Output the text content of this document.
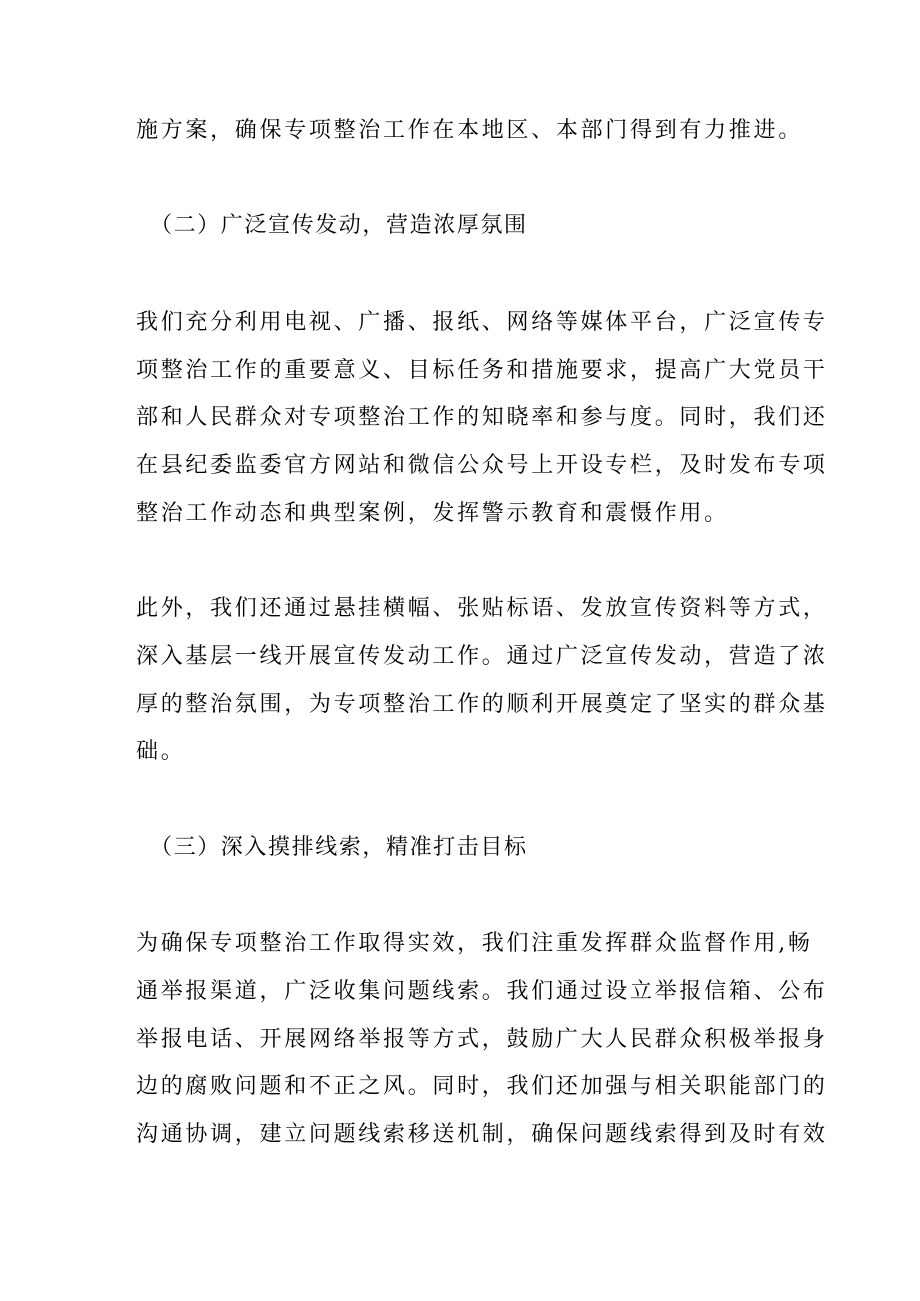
施方案，确保专项整治工作在本地区、本部门得到有力推进。
（二）广泛宣传发动，营造浓厚氛围
我们充分利用电视、广播、报纸、网络等媒体平台，广泛宣传专
项整治工作的重要意义、目标任务和措施要求，提高广大党员干
部和人民群众对专项整治工作的知晓率和参与度。同时，我们还
在县纪委监委官方网站和微信公众号上开设专栏，及时发布专项
整治工作动态和典型案例，发挥警示教育和震慑作用。
此外，我们还通过悬挂横幅、张贴标语、发放宣传资料等方式，
深入基层一线开展宣传发动工作。通过广泛宣传发动，营造了浓
厚的整治氛围，为专项整治工作的顺利开展奠定了坚实的群众基
础。
（三）深入摸排线索，精准打击目标
为确保专项整治工作取得实效，我们注重发挥群众监督作用,畅
通举报渠道，广泛收集问题线索。我们通过设立举报信箱、公布
举报电话、开展网络举报等方式，鼓励广大人民群众积极举报身
边的腐败问题和不正之风。同时，我们还加强与相关职能部门的
沟通协调，建立问题线索移送机制，确保问题线索得到及时有效
